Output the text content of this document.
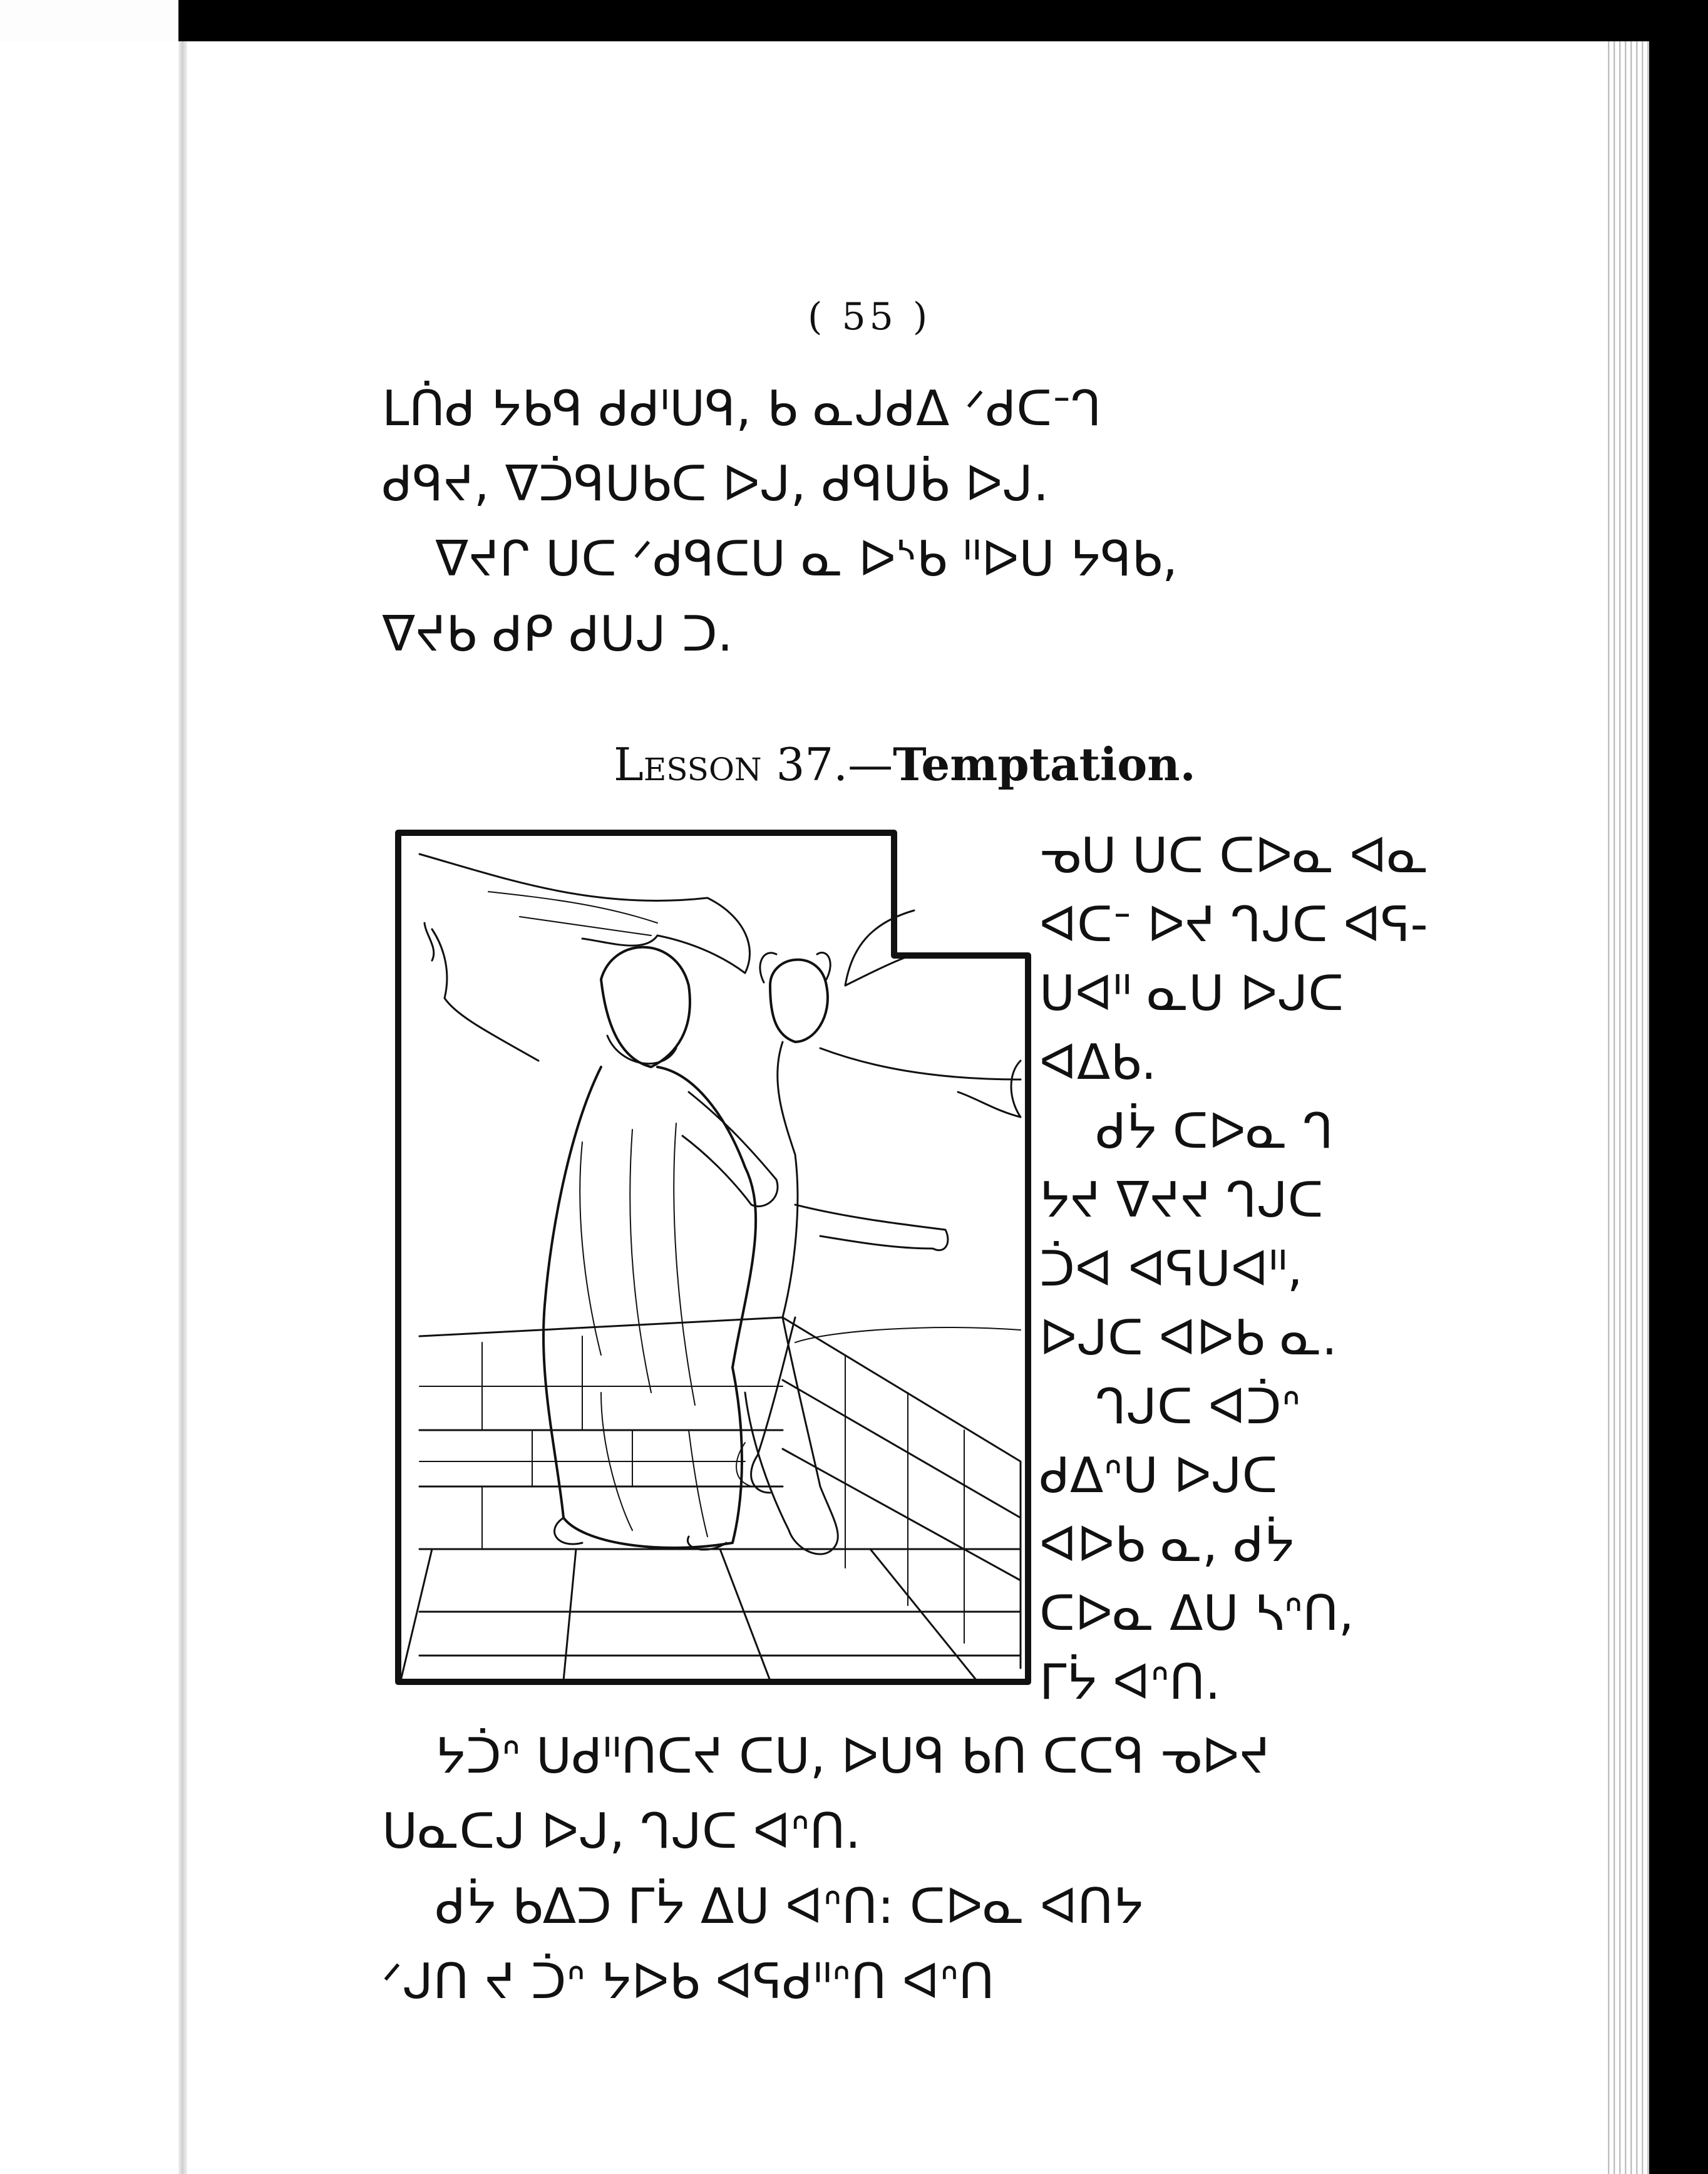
( 55 )

ᒪᑏᑯ ᔭᑲᑫ ᑯᑯᑊᑌᑫ, ᑲ ᓇᒍᑯᐃ ᐟᑯᑕᐨᒉ

ᑯᑫᔪ, ᐁᑑᑫᑌᑲᑕ ᐅᒍ, ᑯᑫᑌᑳ ᐅᒍ.

ᐁᔪᒋ ᑌᑕ ᐟᑯᑫᑕᑌ ᓇ ᐅᔅᑲ ᐦᐅᑌ ᔭᑫᑲ,

ᐁᔪᑲ ᑯᑭ ᑯᑌᒍ ᑐ.

Lesson 37.—Temptation.

ᓀᑌ ᑌᑕ ᑕᐅᓇ ᐊᓇ

ᐊᑕᐨ ᐅᔪ ᒉᒍᑕ ᐊᕋ-

ᑌᐊᐦ ᓇᑌ ᐅᒍᑕ

ᐊᐃᑲ.

ᑯᔮ ᑕᐅᓇ ᒉ

ᔭᔪ ᐁᔪᔪ ᒉᒍᑕ

ᑑᐊ ᐊᕋᑌᐊᐦ,

ᐅᒍᑕ ᐊᐅᑲ ᓇ.

ᒉᒍᑕ ᐊᑑᐢ

ᑯᐃᐢᑌ ᐅᒍᑕ

ᐊᐅᑲ ᓇ, ᑯᔮ

ᑕᐅᓇ ᐃᑌ ᓴᐢᑎ,

ᒥᔮ ᐊᐢᑎ.

ᔭᑑᐢ ᑌᑯᐦᑎᑕᔪ ᑕᑌ, ᐅᑌᑫ ᑲᑎ ᑕᑕᑫ ᓀᐅᔪ

ᑌᓇᑕᒍ ᐅᒍ, ᒉᒍᑕ ᐊᐢᑎ.

ᑯᔮ ᑲᐃᑐ ᒥᔮ ᐃᑌ ᐊᐢᑎ: ᑕᐅᓇ ᐊᑎᔭ

ᐟᒍᑎ ᔪ ᑑᐢ ᔭᐅᑲ ᐊᕋᑯᐦᐢᑎ ᐊᐢᑎ
